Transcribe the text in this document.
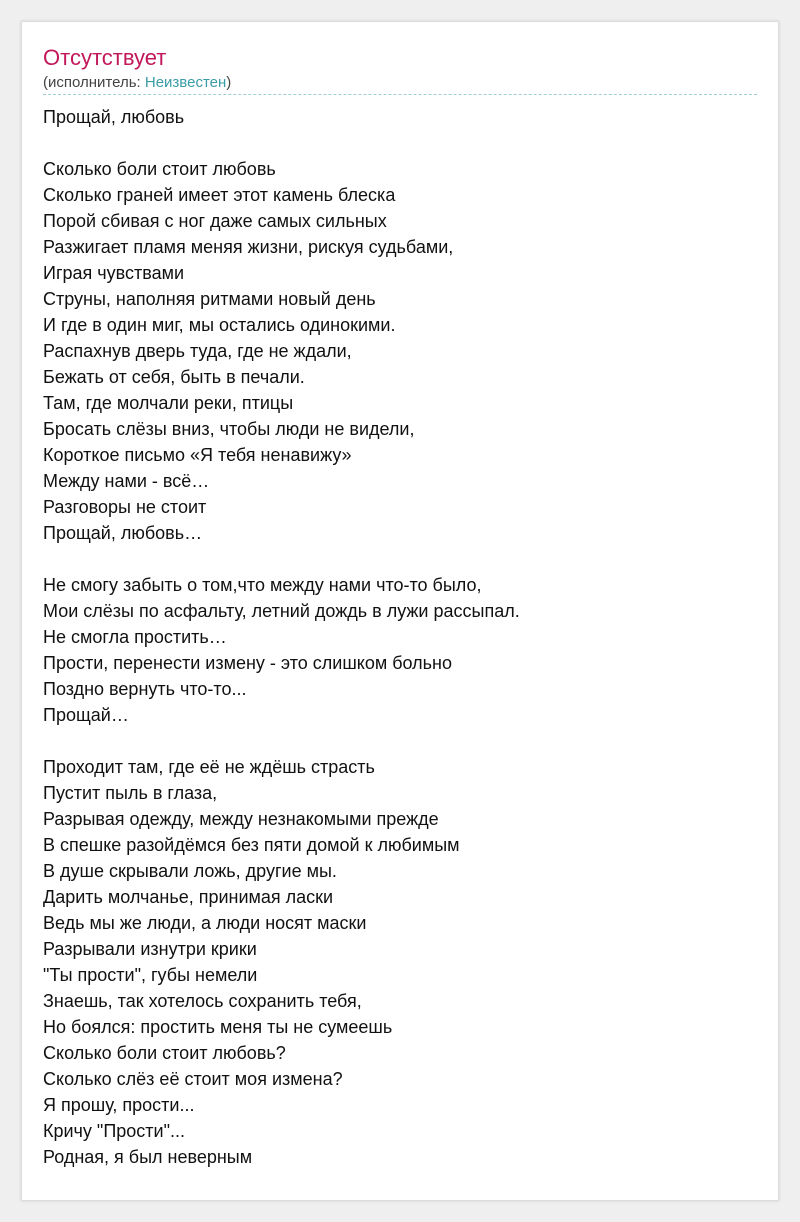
Отсутствует
(исполнитель: Неизвестен)
Прощай, любовь
Сколько боли стоит любовь
Сколько граней имеет этот камень блеска
Порой сбивая с ног даже самых сильных
Разжигает пламя меняя жизни, рискуя судьбами,
Играя чувствами
Струны, наполняя ритмами новый день
И где в один миг, мы остались одинокими.
Распахнув дверь туда, где не ждали,
Бежать от себя, быть в печали.
Там, где молчали реки, птицы
Бросать слёзы вниз, чтобы люди не видели,
Короткое письмо «Я тебя ненавижу»
Между нами - всё…
Разговоры не стоит
Прощай, любовь…
Не смогу забыть о том,что между нами что-то было,
Мои слёзы по асфальту, летний дождь в лужи рассыпал.
Не смогла простить…
Прости, перенести измену - это слишком больно
Поздно вернуть что-то...
Прощай…
Проходит там, где её не ждёшь страсть
Пустит пыль в глаза,
Разрывая одежду, между незнакомыми прежде
В спешке разойдёмся без пяти домой к любимым
В душе скрывали ложь, другие мы.
Дарить молчанье, принимая ласки
Ведь мы же люди, а люди носят маски
Разрывали изнутри крики
"Ты прости", губы немели
Знаешь, так хотелось сохранить тебя,
Но боялся: простить меня ты не сумеешь
Сколько боли стоит любовь?
Сколько слёз её стоит моя измена?
Я прошу, прости...
Кричу "Прости"...
Родная, я был неверным
